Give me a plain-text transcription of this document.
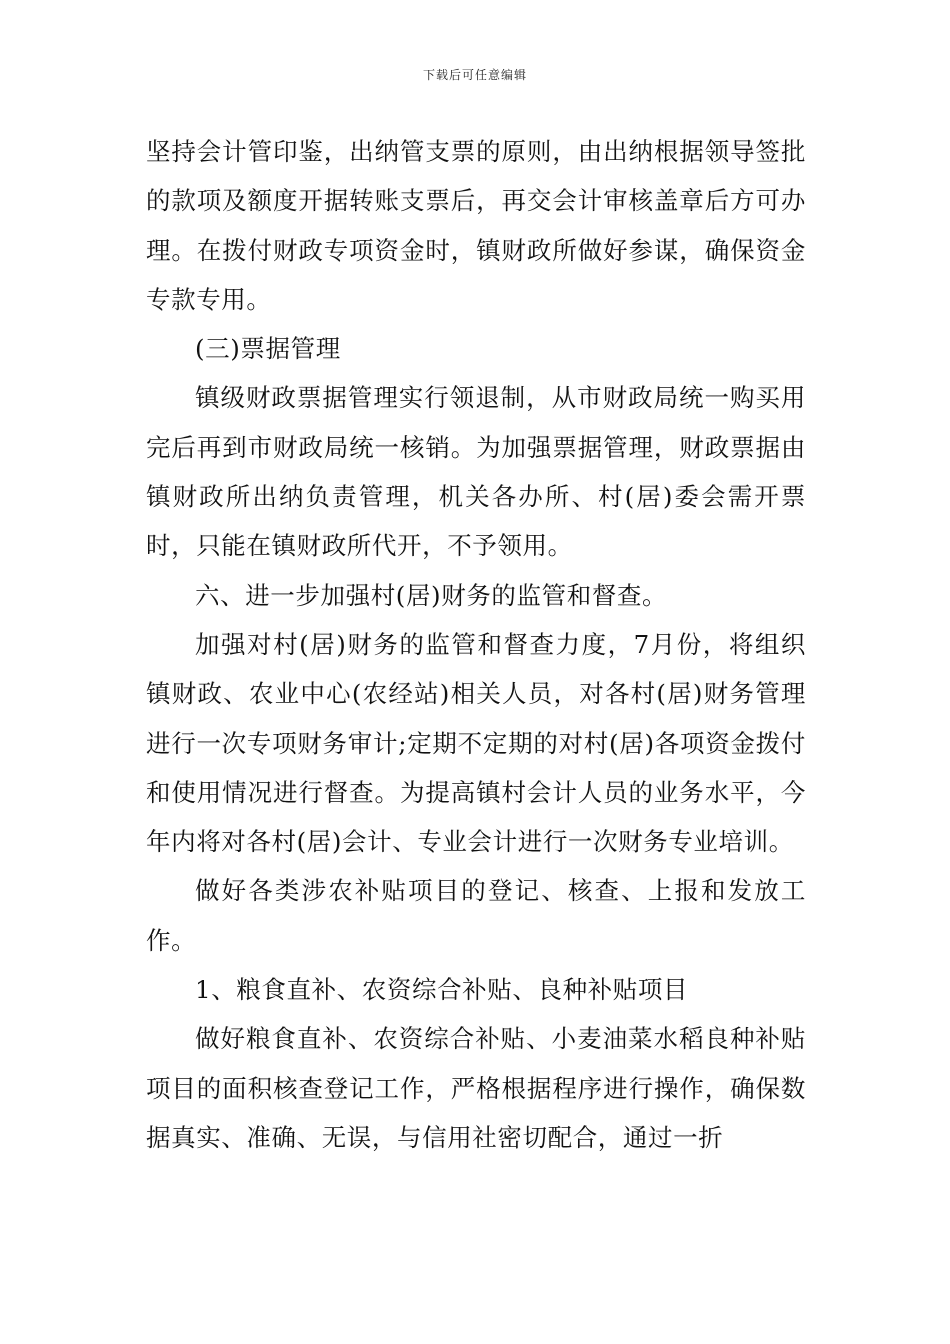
下载后可任意编辑

坚持会计管印鉴，出纳管支票的原则，由出纳根据领导签批的款项及额度开据转账支票后，再交会计审核盖章后方可办理。在拨付财政专项资金时，镇财政所做好参谋，确保资金专款专用。

(三)票据管理

镇级财政票据管理实行领退制，从市财政局统一购买用完后再到市财政局统一核销。为加强票据管理，财政票据由镇财政所出纳负责管理，机关各办所、村(居)委会需开票时，只能在镇财政所代开，不予领用。

六、进一步加强村(居)财务的监管和督查。

加强对村(居)财务的监管和督查力度，7月份，将组织镇财政、农业中心(农经站)相关人员，对各村(居)财务管理进行一次专项财务审计;定期不定期的对村(居)各项资金拨付和使用情况进行督查。为提高镇村会计人员的业务水平，今年内将对各村(居)会计、专业会计进行一次财务专业培训。

做好各类涉农补贴项目的登记、核查、上报和发放工作。

1、粮食直补、农资综合补贴、良种补贴项目

做好粮食直补、农资综合补贴、小麦油菜水稻良种补贴项目的面积核查登记工作，严格根据程序进行操作，确保数据真实、准确、无误，与信用社密切配合，通过一折
